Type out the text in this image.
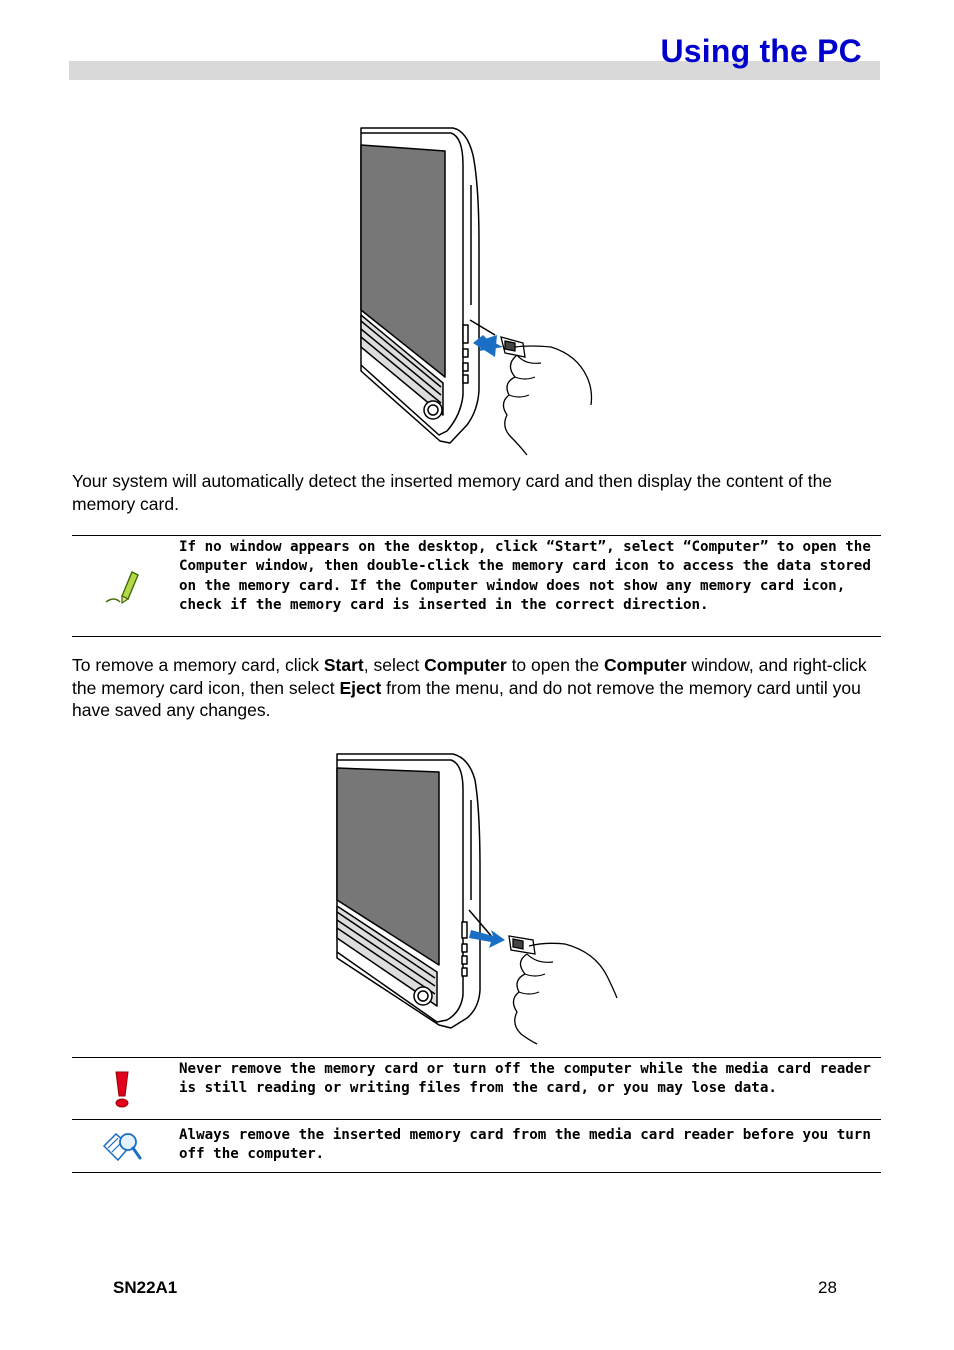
Using the PC
Your system will automatically detect the inserted memory card and then display the content of the memory card.
If no window appears on the desktop, click “Start”, select “Computer” to open the Computer window, then double-click the memory card icon to access the data stored on the memory card. If the Computer window does not show any memory card icon, check if the memory card is inserted in the correct direction.
To remove a memory card, click Start, select Computer to open the Computer window, and right-click the memory card icon, then select Eject from the menu, and do not remove the memory card until you have saved any changes.
Never remove the memory card or turn off the computer while the media card reader is still reading or writing files from the card, or you may lose data.
Always remove the inserted memory card from the media card reader before you turn off the computer.
SN22A1	28
